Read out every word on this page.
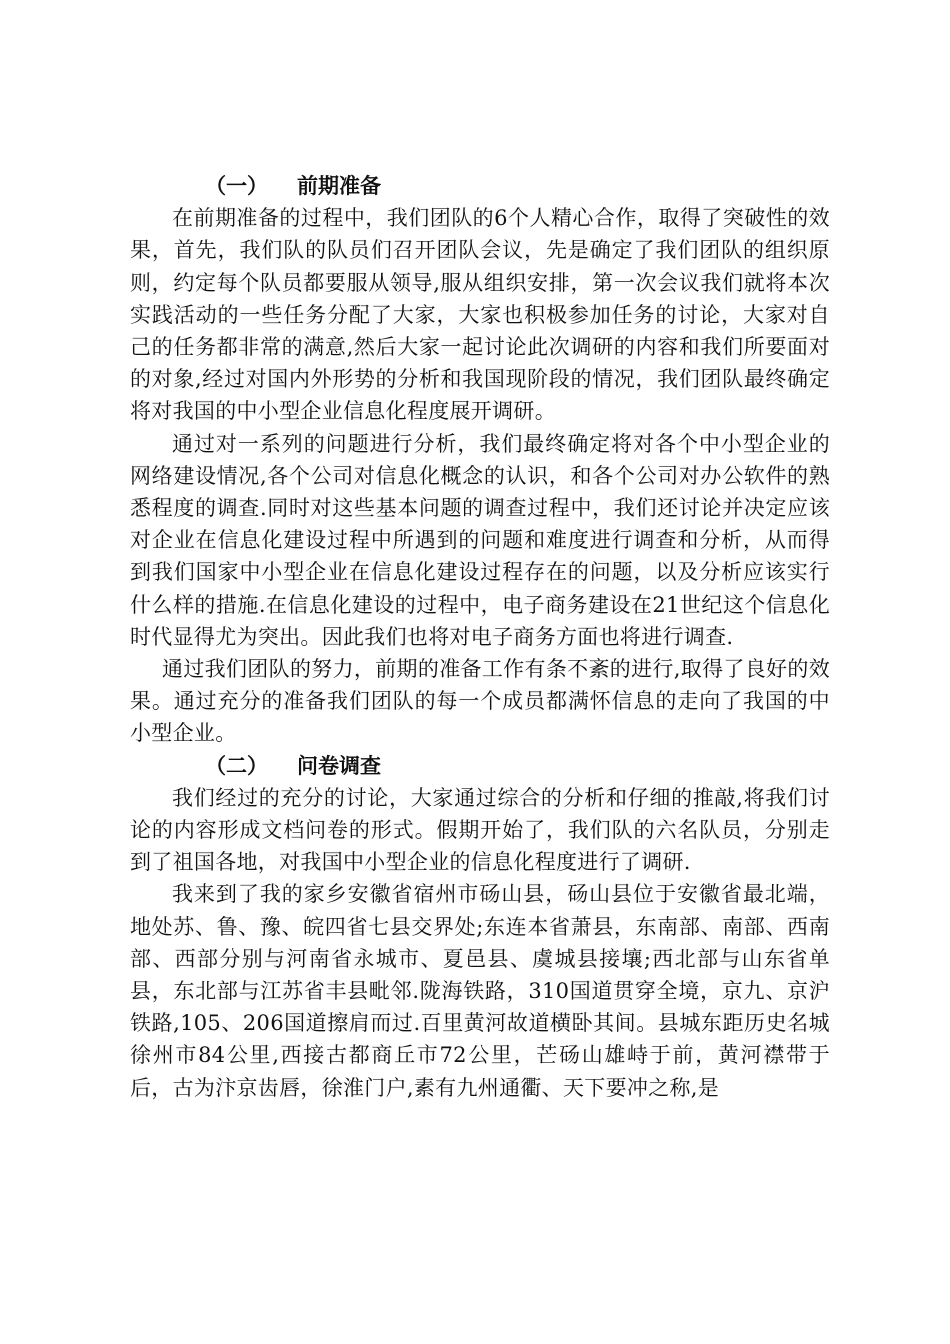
（一） 前期准备

在前期准备的过程中，我们团队的6个人精心合作，取得了突破性的效果，首先，我们队的队员们召开团队会议，先是确定了我们团队的组织原则，约定每个队员都要服从领导,服从组织安排，第一次会议我们就将本次实践活动的一些任务分配了大家，大家也积极参加任务的讨论，大家对自己的任务都非常的满意,然后大家一起讨论此次调研的内容和我们所要面对的对象,经过对国内外形势的分析和我国现阶段的情况，我们团队最终确定将对我国的中小型企业信息化程度展开调研。

通过对一系列的问题进行分析，我们最终确定将对各个中小型企业的网络建设情况,各个公司对信息化概念的认识，和各个公司对办公软件的熟悉程度的调查.同时对这些基本问题的调查过程中，我们还讨论并决定应该对企业在信息化建设过程中所遇到的问题和难度进行调查和分析，从而得到我们国家中小型企业在信息化建设过程存在的问题，以及分析应该实行什么样的措施.在信息化建设的过程中，电子商务建设在21世纪这个信息化时代显得尤为突出。因此我们也将对电子商务方面也将进行调查.

通过我们团队的努力，前期的准备工作有条不紊的进行,取得了良好的效果。通过充分的准备我们团队的每一个成员都满怀信息的走向了我国的中小型企业。

（二） 问卷调查

我们经过的充分的讨论，大家通过综合的分析和仔细的推敲,将我们讨论的内容形成文档问卷的形式。假期开始了，我们队的六名队员，分别走到了祖国各地，对我国中小型企业的信息化程度进行了调研.

我来到了我的家乡安徽省宿州市砀山县，砀山县位于安徽省最北端，地处苏、鲁、豫、皖四省七县交界处;东连本省萧县，东南部、南部、西南部、西部分别与河南省永城市、夏邑县、虞城县接壤;西北部与山东省单县，东北部与江苏省丰县毗邻.陇海铁路，310国道贯穿全境，京九、京沪铁路,105、206国道擦肩而过.百里黄河故道横卧其间。县城东距历史名城徐州市84公里,西接古都商丘市72公里，芒砀山雄峙于前，黄河襟带于后，古为汴京齿唇，徐淮门户,素有九州通衢、天下要冲之称,是
